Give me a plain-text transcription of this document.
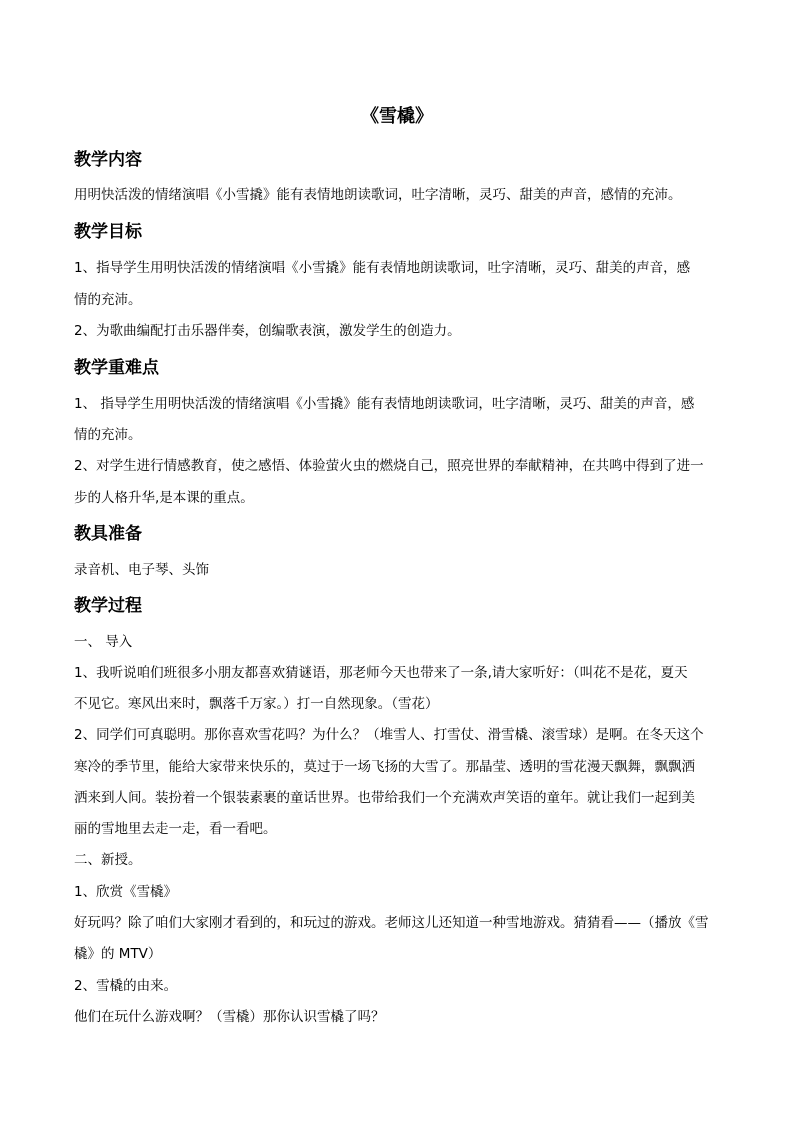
《雪橇》
教学内容
用明快活泼的情绪演唱《小雪撬》能有表情地朗读歌词，吐字清晰，灵巧、甜美的声音，感情的充沛。
教学目标
1、指导学生用明快活泼的情绪演唱《小雪撬》能有表情地朗读歌词，吐字清晰，灵巧、甜美的声音，感
情的充沛。
2、为歌曲编配打击乐器伴奏，创编歌表演，激发学生的创造力。
教学重难点
1、 指导学生用明快活泼的情绪演唱《小雪撬》能有表情地朗读歌词，吐字清晰，灵巧、甜美的声音，感
情的充沛。
2、对学生进行情感教育，使之感悟、体验萤火虫的燃烧自己，照亮世界的奉献精神，在共鸣中得到了进一
步的人格升华,是本课的重点。
教具准备
录音机、电子琴、头饰
教学过程
一、 导入
1、我听说咱们班很多小朋友都喜欢猜谜语，那老师今天也带来了一条,请大家听好：（叫花不是花，夏天
不见它。寒风出来时，飘落千万家。）打一自然现象。（雪花）
2、同学们可真聪明。那你喜欢雪花吗？为什么？（堆雪人、打雪仗、滑雪橇、滚雪球）是啊。在冬天这个
寒冷的季节里，能给大家带来快乐的，莫过于一场飞扬的大雪了。那晶莹、透明的雪花漫天飘舞，飘飘洒
洒来到人间。装扮着一个银装素裹的童话世界。也带给我们一个充满欢声笑语的童年。就让我们一起到美
丽的雪地里去走一走，看一看吧。
二、新授。
1、欣赏《雪橇》
好玩吗？除了咱们大家刚才看到的，和玩过的游戏。老师这儿还知道一种雪地游戏。猜猜看——（播放《雪
橇》的 MTV）
2、雪橇的由来。
他们在玩什么游戏啊？（雪橇）那你认识雪橇了吗？
